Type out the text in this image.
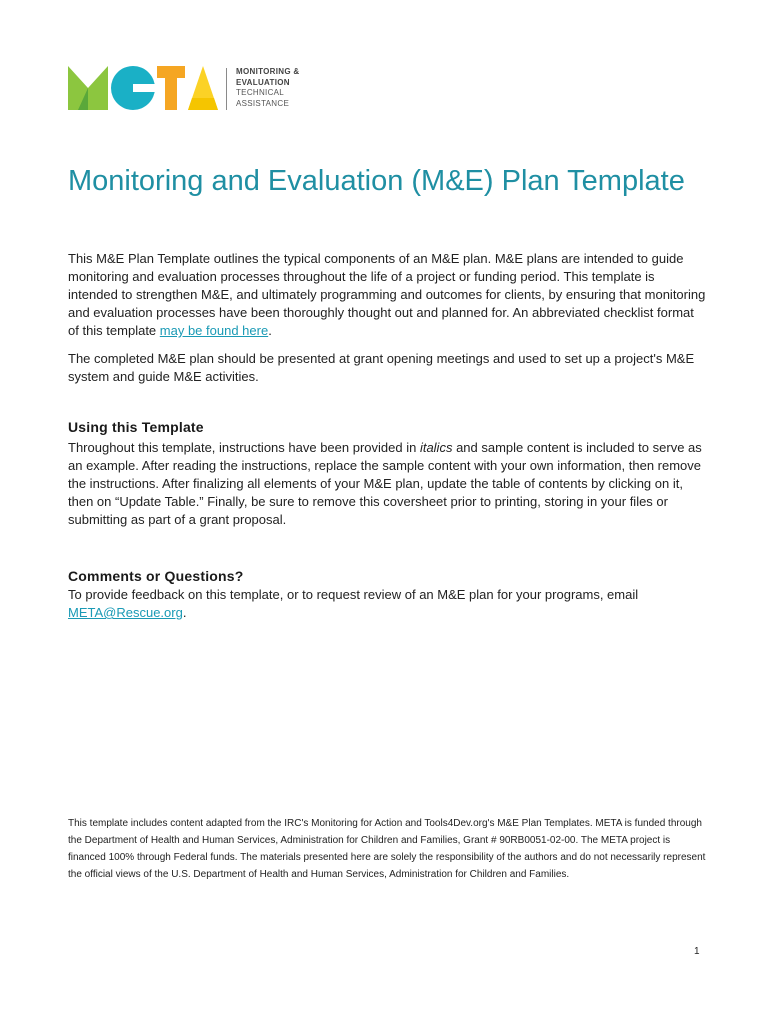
MONITORING &
EVALUATION
TECHNICAL
ASSISTANCE
Monitoring and Evaluation (M&E) Plan Template
This M&E Plan Template outlines the typical components of an M&E plan. M&E plans are intended to guide monitoring and evaluation processes throughout the life of a project or funding period. This template is intended to strengthen M&E, and ultimately programming and outcomes for clients, by ensuring that monitoring and evaluation processes have been thoroughly thought out and planned for. An abbreviated checklist format of this template may be found here.
The completed M&E plan should be presented at grant opening meetings and used to set up a project's M&E system and guide M&E activities.
Using this Template

Throughout this template, instructions have been provided in italics and sample content is included to serve as an example. After reading the instructions, replace the sample content with your own information, then remove the instructions. After finalizing all elements of your M&E plan, update the table of contents by clicking on it, then on “Update Table.” Finally, be sure to remove this coversheet prior to printing, storing in your files or submitting as part of a grant proposal.

Comments or Questions?

To provide feedback on this template, or to request review of an M&E plan for your programs, email META@Rescue.org.

This template includes content adapted from the IRC's Monitoring for Action and Tools4Dev.org's M&E Plan Templates. META is funded through the Department of Health and Human Services, Administration for Children and Families, Grant # 90RB0051-02-00. The META project is financed 100% through Federal funds. The materials presented here are solely the responsibility of the authors and do not necessarily represent the official views of the U.S. Department of Health and Human Services, Administration for Children and Families.
1
